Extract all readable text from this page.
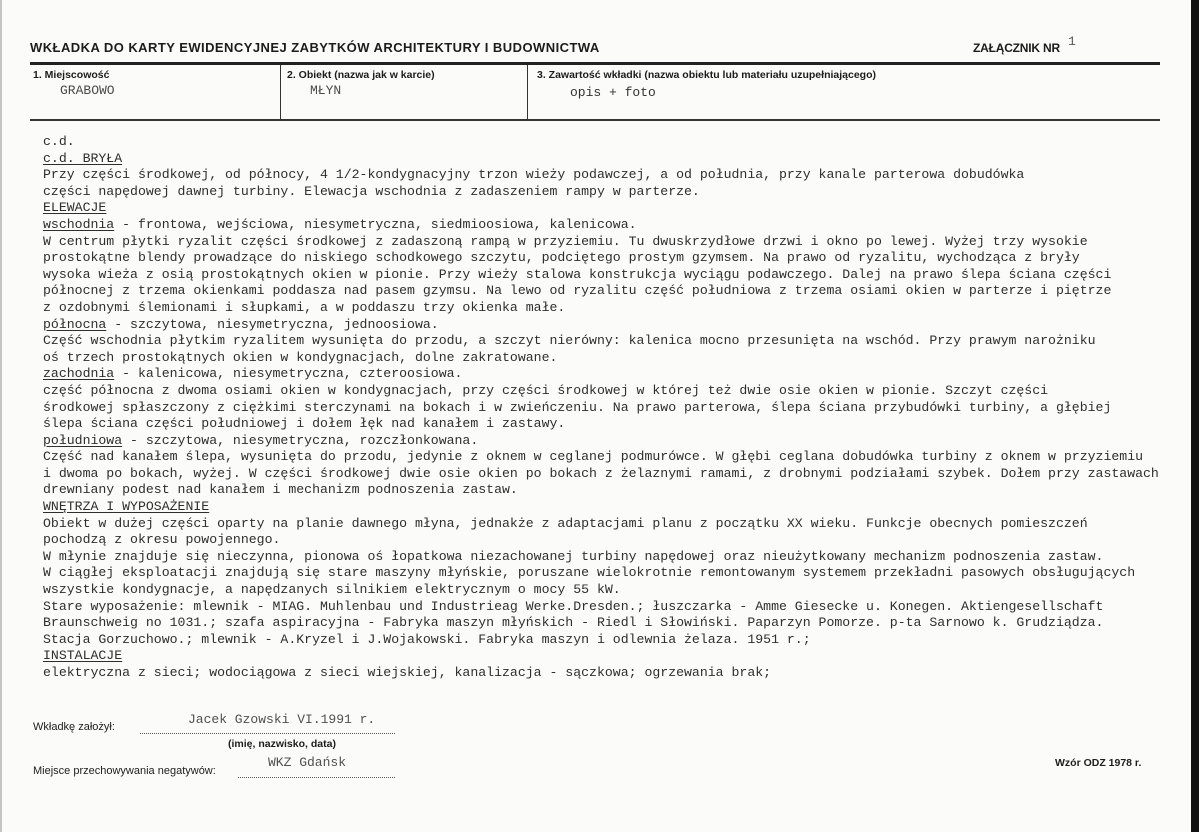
WKŁADKA DO KARTY EWIDENCYJNEJ ZABYTKÓW ARCHITEKTURY I BUDOWNICTWA	ZAŁĄCZNIK NR 1
1. Miejscowość
GRABOWO
2. Obiekt (nazwa jak w karcie)
MŁYN
3. Zawartość wkładki (nazwa obiektu lub materiału uzupełniającego)
opis + foto
c.d.
c.d. BRYŁA
Przy części środkowej, od północy, 4 1/2-kondygnacyjny trzon wieży podawczej, a od południa, przy kanale parterowa dobudówka
części napędowej dawnej turbiny. Elewacja wschodnia z zadaszeniem rampy w parterze.
ELEWACJE
wschodnia - frontowa, wejściowa, niesymetryczna, siedmioosiowa, kalenicowa.
W centrum płytki ryzalit części środkowej z zadaszoną rampą w przyziemiu. Tu dwuskrzydłowe drzwi i okno po lewej. Wyżej trzy wysokie
prostokątne blendy prowadzące do niskiego schodkowego szczytu, podciętego prostym gzymsem. Na prawo od ryzalitu, wychodząca z bryły
wysoka wieża z osią prostokątnych okien w pionie. Przy wieży stalowa konstrukcja wyciągu podawczego. Dalej na prawo ślepa ściana części
północnej z trzema okienkami poddasza nad pasem gzymsu. Na lewo od ryzalitu część południowa z trzema osiami okien w parterze i piętrze
z ozdobnymi ślemionami i słupkami, a w poddaszu trzy okienka małe.
północna - szczytowa, niesymetryczna, jednoosiowa.
Część wschodnia płytkim ryzalitem wysunięta do przodu, a szczyt nierówny: kalenica mocno przesunięta na wschód. Przy prawym narożniku
oś trzech prostokątnych okien w kondygnacjach, dolne zakratowane.
zachodnia - kalenicowa, niesymetryczna, czteroosiowa.
część północna z dwoma osiami okien w kondygnacjach, przy części środkowej w której też dwie osie okien w pionie. Szczyt części
środkowej spłaszczony z ciężkimi sterczynami na bokach i w zwieńczeniu. Na prawo parterowa, ślepa ściana przybudówki turbiny, a głębiej
ślepa ściana części południowej i dołem łęk nad kanałem i zastawy.
południowa - szczytowa, niesymetryczna, rozczłonkowana.
Część nad kanałem ślepa, wysunięta do przodu, jedynie z oknem w ceglanej podmurówce. W głębi ceglana dobudówka turbiny z oknem w przyziemiu
i dwoma po bokach, wyżej. W części środkowej dwie osie okien po bokach z żelaznymi ramami, z drobnymi podziałami szybek. Dołem przy zastawach
drewniany podest nad kanałem i mechanizm podnoszenia zastaw.
WNĘTRZA I WYPOSAŻENIE
Obiekt w dużej części oparty na planie dawnego młyna, jednakże z adaptacjami planu z początku XX wieku. Funkcje obecnych pomieszczeń
pochodzą z okresu powojennego.
W młynie znajduje się nieczynna, pionowa oś łopatkowa niezachowanej turbiny napędowej oraz nieużytkowany mechanizm podnoszenia zastaw.
W ciągłej eksploatacji znajdują się stare maszyny młyńskie, poruszane wielokrotnie remontowanym systemem przekładni pasowych obsługujących
wszystkie kondygnacje, a napędzanych silnikiem elektrycznym o mocy 55 kW.
Stare wyposażenie: mlewnik - MIAG. Muhlenbau und Industrieag Werke.Dresden.; łuszczarka - Amme Giesecke u. Konegen. Aktiengesellschaft
Braunschweig no 1031.; szafa aspiracyjna - Fabryka maszyn młyńskich - Riedl i Słowiński. Paparzyn Pomorze. p-ta Sarnowo k. Grudziądza.
Stacja Gorzuchowo.; mlewnik - A.Kryzel i J.Wojakowski. Fabryka maszyn i odlewnia żelaza. 1951 r.;
INSTALACJE
elektryczna z sieci; wodociągowa z sieci wiejskiej, kanalizacja - sączkowa; ogrzewania brak;
Wkładkę założył:	Jacek Gzowski VI.1991 r.
(imię, nazwisko, data)
Miejsce przechowywania negatywów:
WKZ Gdańsk	Wzór ODZ 1978 r.
